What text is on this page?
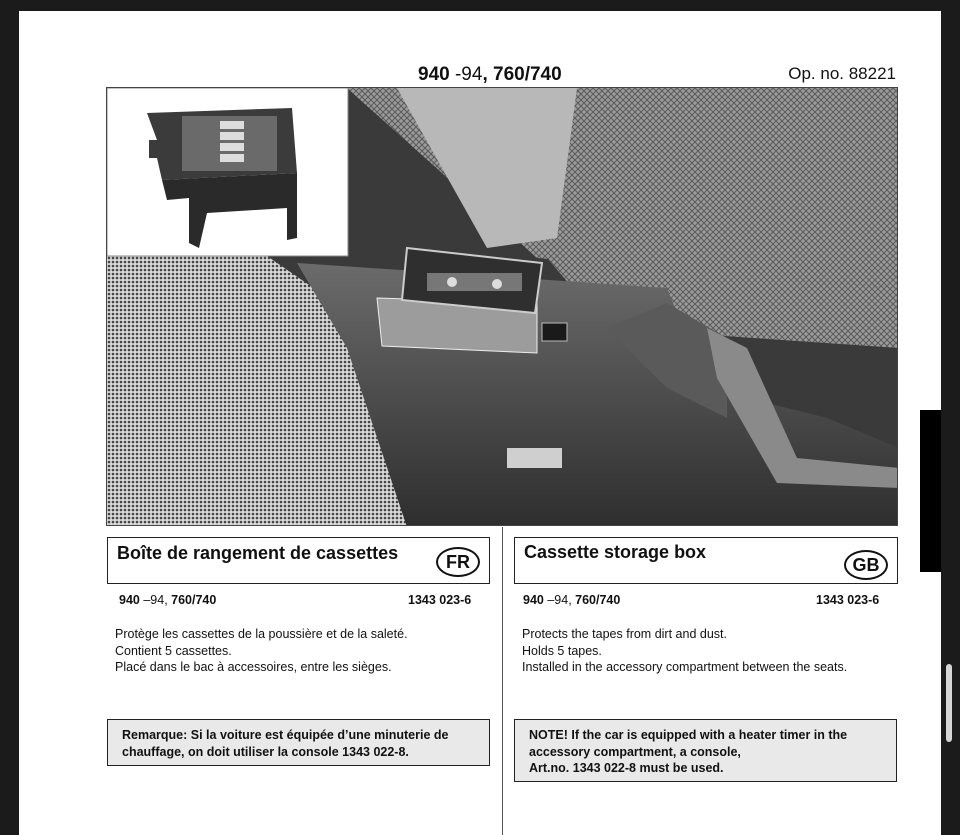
940 -94, 760/740	Op. no. 88221
Boîte de rangement de cassettes	FR
940 –94, 760/740	1343 023-6
Protège les cassettes de la poussière et de la saleté.
Contient 5 cassettes.
Placé dans le bac à accessoires, entre les sièges.
Remarque: Si la voiture est équipée d’une minuterie de
chauffage, on doit utiliser la console 1343 022-8.
Cassette storage box
GB
940 –94, 760/740	1343 023-6
Protects the tapes from dirt and dust.
Holds 5 tapes.
Installed in the accessory compartment between the seats.
NOTE! If the car is equipped with a heater timer in the
accessory compartment, a console,
Art.no. 1343 022-8 must be used.
